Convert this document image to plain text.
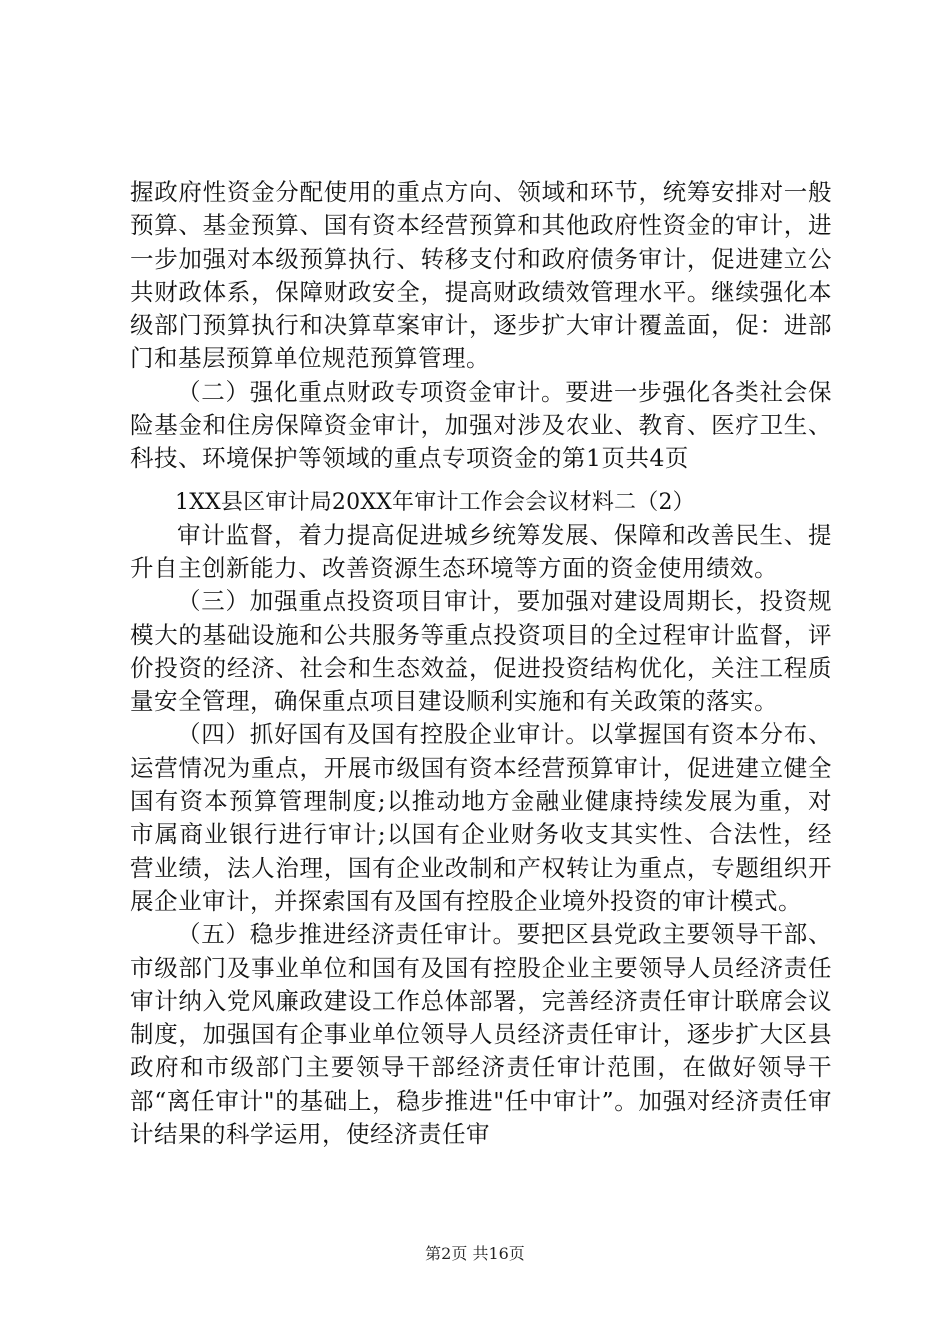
握政府性资金分配使用的重点方向、领域和环节，统筹安排对一般预算、基金预算、国有资本经营预算和其他政府性资金的审计，进一步加强对本级预算执行、转移支付和政府债务审计，促进建立公共财政体系，保障财政安全，提高财政绩效管理水平。继续强化本级部门预算执行和决算草案审计，逐步扩大审计覆盖面，促：进部门和基层预算单位规范预算管理。

（二）强化重点财政专项资金审计。要进一步强化各类社会保险基金和住房保障资金审计，加强对涉及农业、教育、医疗卫生、科技、环境保护等领域的重点专项资金的第1页共4页

1XX县区审计局20XX年审计工作会会议材料二（2）

审计监督，着力提高促进城乡统筹发展、保障和改善民生、提升自主创新能力、改善资源生态环境等方面的资金使用绩效。

（三）加强重点投资项目审计，要加强对建设周期长，投资规模大的基础设施和公共服务等重点投资项目的全过程审计监督，评价投资的经济、社会和生态效益，促进投资结构优化，关注工程质量安全管理，确保重点项目建设顺利实施和有关政策的落实。

（四）抓好国有及国有控股企业审计。以掌握国有资本分布、运营情况为重点，开展市级国有资本经营预算审计，促进建立健全国有资本预算管理制度;以推动地方金融业健康持续发展为重，对市属商业银行进行审计;以国有企业财务收支其实性、合法性，经营业绩，法人治理，国有企业改制和产权转让为重点，专题组织开展企业审计，并探索国有及国有控股企业境外投资的审计模式。

（五）稳步推进经济责任审计。要把区县党政主要领导干部、市级部门及事业单位和国有及国有控股企业主要领导人员经济责任审计纳入党风廉政建设工作总体部署，完善经济责任审计联席会议制度，加强国有企事业单位领导人员经济责任审计，逐步扩大区县政府和市级部门主要领导干部经济责任审计范围，在做好领导干部“离任审计"的基础上，稳步推进"任中审计”。加强对经济责任审计结果的科学运用，使经济责任审

第2页 共16页
